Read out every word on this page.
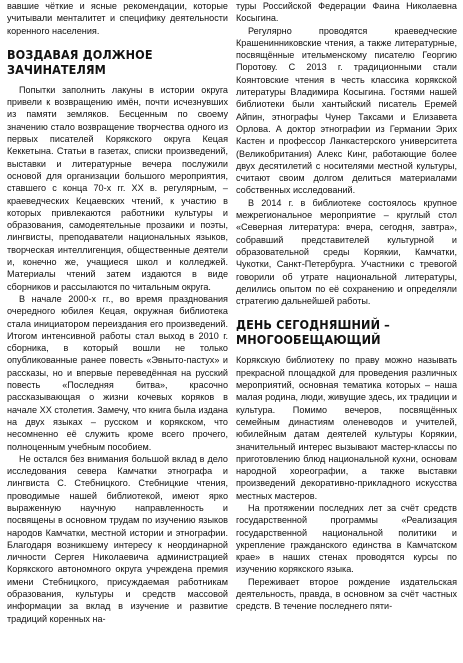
вавшие чёткие и ясные рекомендации, которые учитывали менталитет и специфику деятельности коренного населения.

ВОЗДАВАЯ ДОЛЖНОЕ ЗАЧИНАТЕЛЯМ

Попытки заполнить лакуны в истории округа привели к возвращению имён, почти исчезнувших из памяти земляков. Бесценным по своему значению стало возвращение творчества одного из первых писателей Корякского округа Кецая Кеккетына. Статьи в газетах, списки произведений, выставки и литературные вечера послужили основой для организации большого мероприятия, ставшего с конца 70-х гг. XX в. регулярным, – краеведческих Кецаевских чтений, к участию в которых привлекаются работники культуры и образования, самодеятельные прозаики и поэты, лингвисты, преподаватели национальных языков, творческая интеллигенция, общественные деятели и, конечно же, учащиеся школ и колледжей. Материалы чтений затем издаются в виде сборников и рассылаются по читальным округа.

В начале 2000-х гг., во время празднования очередного юбилея Кецая, окружная библиотека стала инициатором переиздания его произведений. Итогом интенсивной работы стал выход в 2010 г. сборника, в который вошли не только опубликованные ранее повесть «Эвныто-пастух» и рассказы, но и впервые переведённая на русский повесть «Последняя битва», красочно рассказывающая о жизни кочевых коряков в начале XX столетия. Замечу, что книга была издана на двух языках – русском и корякском, что несомненно её служить кроме всего прочего, полноценным учебным пособием.

Не остался без внимания большой вклад в дело исследования севера Камчатки этнографа и лингвиста С. Стебницкого. Стебницкие чтения, проводимые нашей библиотекой, имеют ярко выраженную научную направленность и посвящены в основном трудам по изучению языков народов Камчатки, местной истории и этнографии. Благодаря возникшему интересу к неординарной личности Сергея Николаевича администрацией Корякского автономного округа учреждена премия имени Стебницкого, присуждаемая работникам образования, культуры и средств массовой информации за вклад в изучение и развитие традиций коренных на-

туры Российской Федерации Фаина Николаевна Косыгина.

Регулярно проводятся краеведческие Крашенинниковские чтения, а также литературные, посвящённые ительменскому писателю Георгию Поротову. С 2013 г. традиционными стали Коянтовские чтения в честь классика корякской литературы Владимира Косыгина. Гостями нашей библиотеки были хантыйский писатель Еремей Айпин, этнографы Чунер Таксами и Елизавета Орлова. А доктор этнографии из Германии Эрих Кастен и профессор Ланкастерского университета (Великобритания) Алекс Кинг, работающие более двух десятилетий с носителями местной культуры, считают своим долгом делиться материалами собственных исследований.

В 2014 г. в библиотеке состоялось крупное межрегиональное мероприятие – круглый стол «Северная литература: вчера, сегодня, завтра», собравший представителей культурной и образовательной среды Корякии, Камчатки, Чукотки, Санкт-Петербурга. Участники с тревогой говорили об утрате национальной литературы, делились опытом по её сохранению и определяли стратегию дальнейшей работы.

ДЕНЬ СЕГОДНЯШНИЙ – МНОГООБЕЩАЮЩИЙ

Корякскую библиотеку по праву можно называть прекрасной площадкой для проведения различных мероприятий, основная тематика которых – наша малая родина, люди, живущие здесь, их традиции и культура. Помимо вечеров, посвящённых семейным династиям оленеводов и учителей, юбилейным датам деятелей культуры Корякии, значительный интерес вызывают мастер-классы по приготовлению блюд национальной кухни, основам народной хореографии, а также выставки произведений декоративно-прикладного искусства местных мастеров.

На протяжении последних лет за счёт средств государственной программы «Реализация государственной национальной политики и укрепление гражданского единства в Камчатском крае» в наших стенах проводятся курсы по изучению корякского языка.

Переживает второе рождение издательская деятельность, правда, в основном за счёт частных средств. В течение последнего пяти-
